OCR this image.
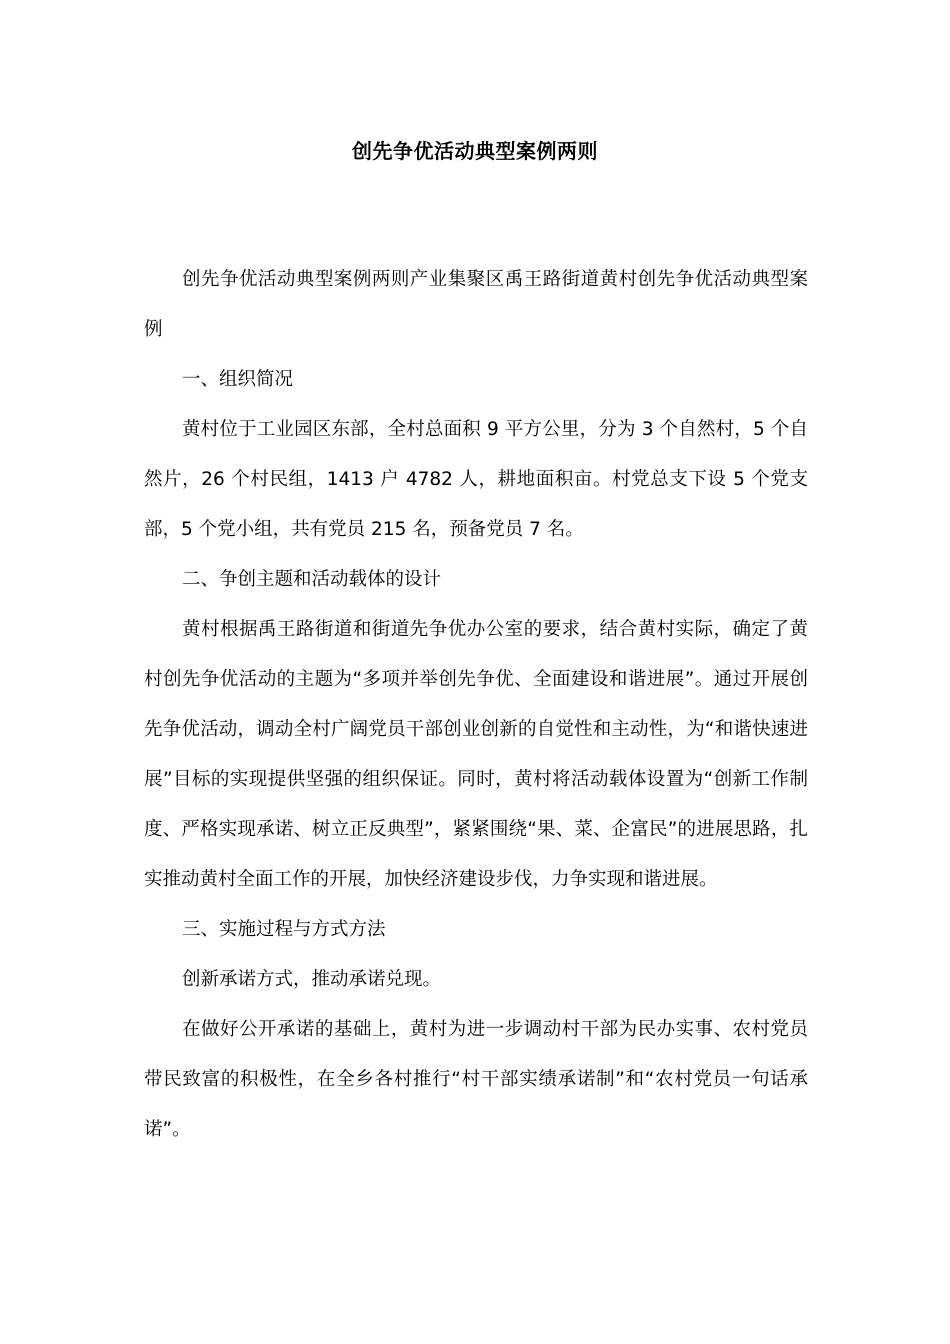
创先争优活动典型案例两则

创先争优活动典型案例两则产业集聚区禹王路街道黄村创先争优活动典型案例

一、组织简况

黄村位于工业园区东部，全村总面积 9 平方公里，分为 3 个自然村，5 个自然片，26 个村民组，1413 户 4782 人，耕地面积亩。村党总支下设 5 个党支部，5 个党小组，共有党员 215 名，预备党员 7 名。

二、争创主题和活动载体的设计

黄村根据禹王路街道和街道先争优办公室的要求，结合黄村实际，确定了黄村创先争优活动的主题为“多项并举创先争优、全面建设和谐进展”。通过开展创先争优活动，调动全村广阔党员干部创业创新的自觉性和主动性，为“和谐快速进展”目标的实现提供坚强的组织保证。同时，黄村将活动载体设置为“创新工作制度、严格实现承诺、树立正反典型”，紧紧围绕“果、菜、企富民”的进展思路，扎实推动黄村全面工作的开展，加快经济建设步伐，力争实现和谐进展。

三、实施过程与方式方法

创新承诺方式，推动承诺兑现。

在做好公开承诺的基础上，黄村为进一步调动村干部为民办实事、农村党员带民致富的积极性，在全乡各村推行“村干部实绩承诺制”和“农村党员一句话承诺”。
